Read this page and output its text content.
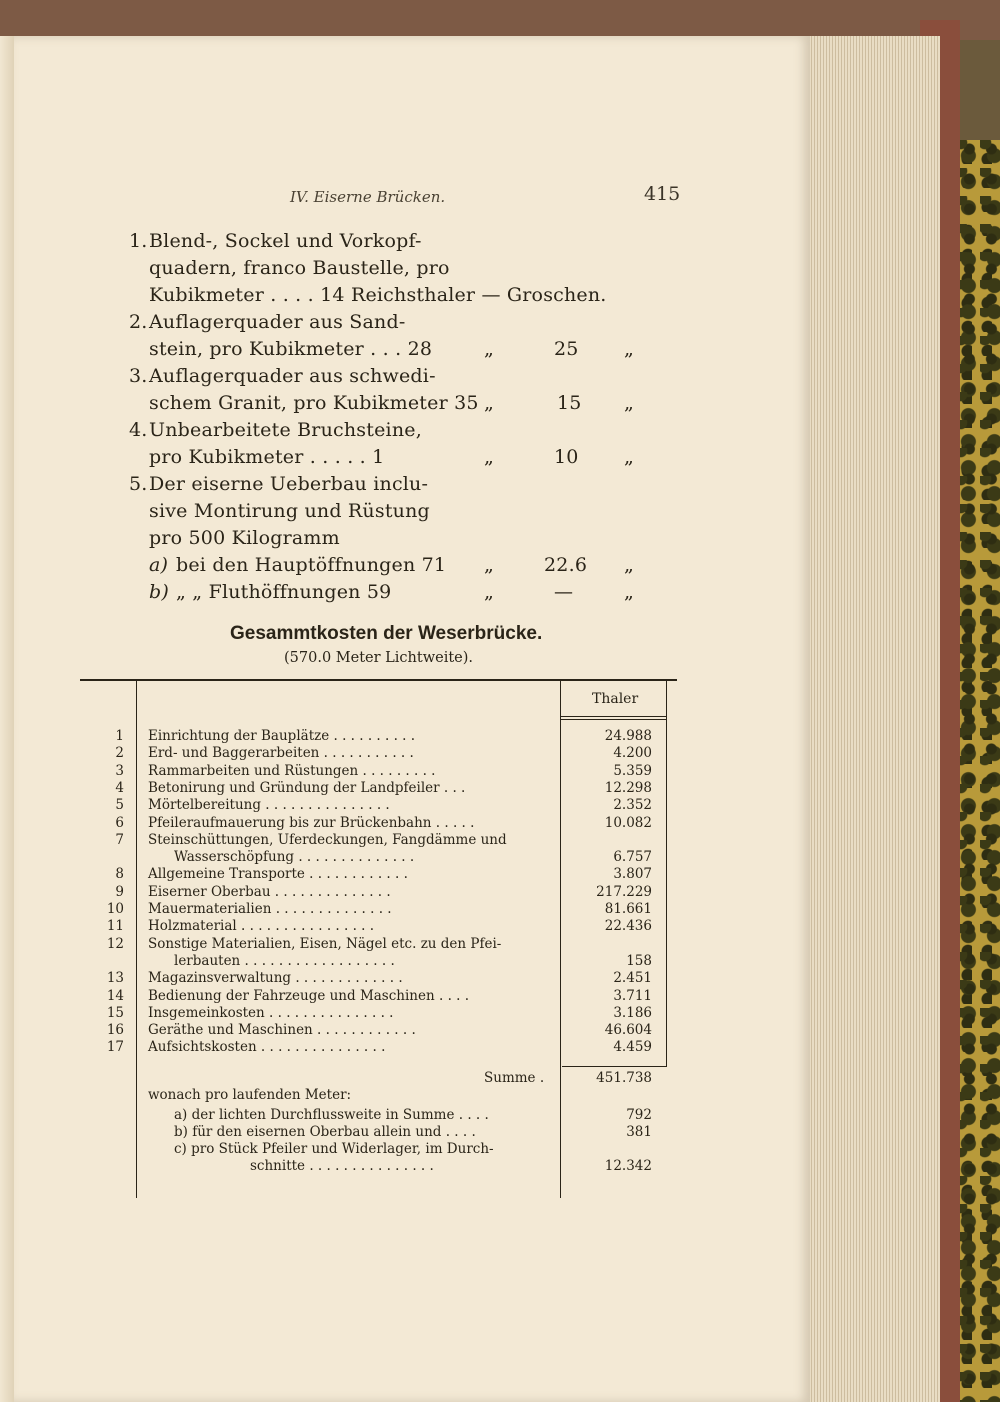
IV. Eiserne Brücken.	415
1. Blend-, Sockel und Vorkopf-
quadern, franco Baustelle, pro
Kubikmeter . . . . 14 Reichsthaler — Groschen.
2. Auflagerquader aus Sand-
stein, pro Kubikmeter . . . 28	„	25 „
3. Auflagerquader aus schwedi-
schem Granit, pro Kubikmeter 35 „	15 „
4. Unbearbeitete Bruchsteine,
pro Kubikmeter . . . . . 1	„	10 „
5. Der eiserne Ueberbau inclu-
sive Montirung und Rüstung
pro 500 Kilogramm
a) bei den Hauptöffnungen 71 „	22.6 „
b) „ „ Fluthöffnungen 59	„	—	„
Gesammtkosten der Weserbrücke.
(570.0 Meter Lichtweite).
Thaler
1 Einrichtung der Bauplätze . . . . . . . . . .	24.988
2 Erd- und Baggerarbeiten . . . . . . . . . . .	4.200
3 Rammarbeiten und Rüstungen . . . . . . . . .	5.359
4 Betonirung und Gründung der Landpfeiler . . .	12.298
5 Mörtelbereitung . . . . . . . . . . . . . . .	2.352
6 Pfeileraufmauerung bis zur Brückenbahn . . . . .	10.082
7 Steinschüttungen, Uferdeckungen, Fangdämme und
Wasserschöpfung . . . . . . . . . . . . . .	6.757
8 Allgemeine Transporte . . . . . . . . . . . .	3.807
9 Eiserner Oberbau . . . . . . . . . . . . . .	217.229
10 Mauermaterialien . . . . . . . . . . . . . .	81.661
11 Holzmaterial . . . . . . . . . . . . . . . .	22.436
12 Sonstige Materialien, Eisen, Nägel etc. zu den Pfei-
lerbauten . . . . . . . . . . . . . . . . . .	158
13 Magazinsverwaltung . . . . . . . . . . . . .	2.451
14 Bedienung der Fahrzeuge und Maschinen . . . .	3.711
15 Insgemeinkosten . . . . . . . . . . . . . . .	3.186
16 Geräthe und Maschinen . . . . . . . . . . . .	46.604
17 Aufsichtskosten . . . . . . . . . . . . . . .	4.459
Summe .	451.738
wonach pro laufenden Meter:
a) der lichten Durchflussweite in Summe . . . .	792
b) für den eisernen Oberbau allein und . . . .	381
c) pro Stück Pfeiler und Widerlager, im Durch-
schnitte . . . . . . . . . . . . . . .	12.342
